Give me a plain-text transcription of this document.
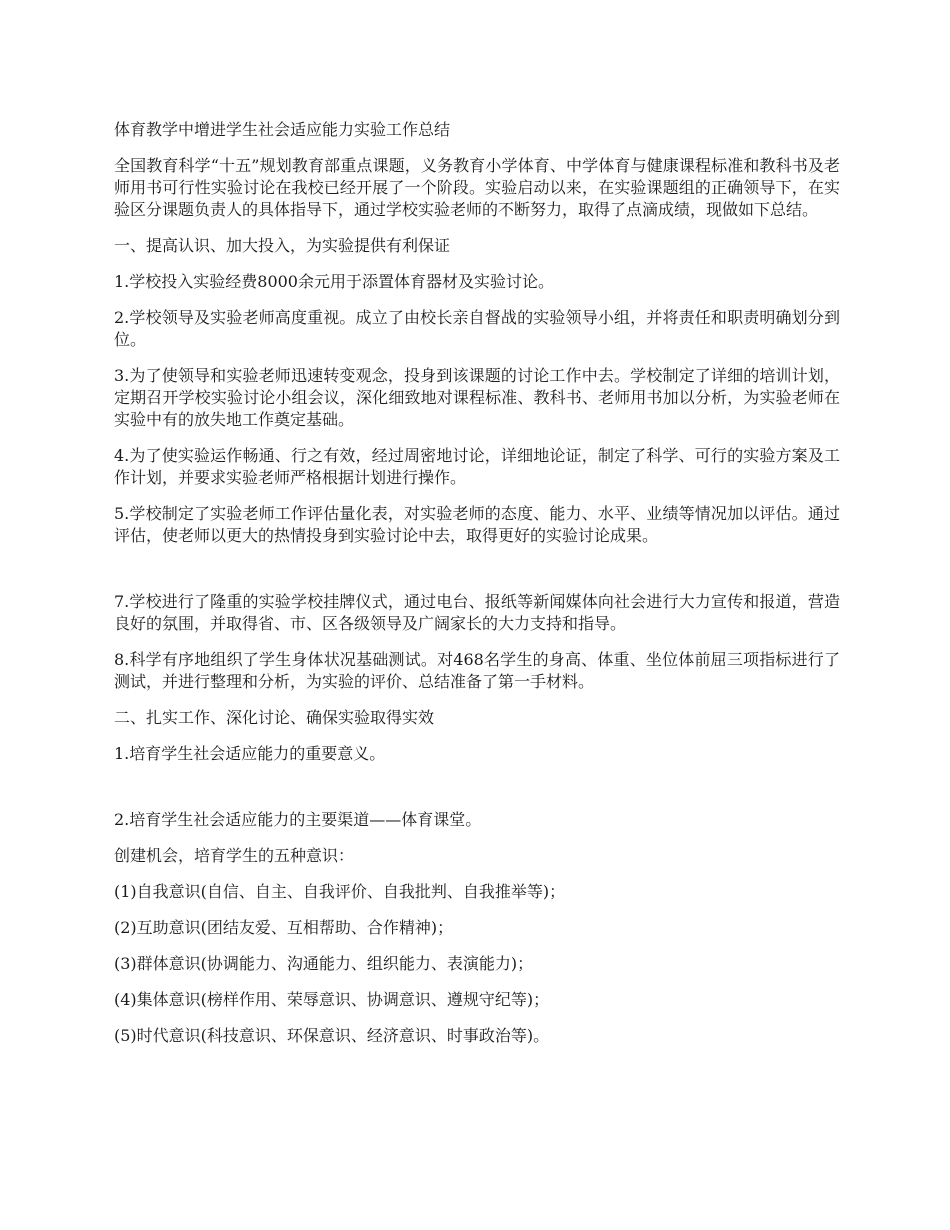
体育教学中增进学生社会适应能力实验工作总结

全国教育科学“十五”规划教育部重点课题，义务教育小学体育、中学体育与健康课程标准和教科书及老师用书可行性实验讨论在我校已经开展了一个阶段。实验启动以来，在实验课题组的正确领导下，在实验区分课题负责人的具体指导下，通过学校实验老师的不断努力，取得了点滴成绩，现做如下总结。

一、提高认识、加大投入，为实验提供有利保证

1.学校投入实验经费8000余元用于添置体育器材及实验讨论。

2.学校领导及实验老师高度重视。成立了由校长亲自督战的实验领导小组，并将责任和职责明确划分到位。

3.为了使领导和实验老师迅速转变观念，投身到该课题的讨论工作中去。学校制定了详细的培训计划，定期召开学校实验讨论小组会议，深化细致地对课程标准、教科书、老师用书加以分析，为实验老师在实验中有的放失地工作奠定基础。

4.为了使实验运作畅通、行之有效，经过周密地讨论，详细地论证，制定了科学、可行的实验方案及工作计划，并要求实验老师严格根据计划进行操作。

5.学校制定了实验老师工作评估量化表，对实验老师的态度、能力、水平、业绩等情况加以评估。通过评估，使老师以更大的热情投身到实验讨论中去，取得更好的实验讨论成果。

7.学校进行了隆重的实验学校挂牌仪式，通过电台、报纸等新闻媒体向社会进行大力宣传和报道，营造良好的氛围，并取得省、市、区各级领导及广阔家长的大力支持和指导。

8.科学有序地组织了学生身体状况基础测试。对468名学生的身高、体重、坐位体前屈三项指标进行了测试，并进行整理和分析，为实验的评价、总结准备了第一手材料。

二、扎实工作、深化讨论、确保实验取得实效

1.培育学生社会适应能力的重要意义。

2.培育学生社会适应能力的主要渠道——体育课堂。

创建机会，培育学生的五种意识：

(1)自我意识(自信、自主、自我评价、自我批判、自我推举等)；

(2)互助意识(团结友爱、互相帮助、合作精神)；

(3)群体意识(协调能力、沟通能力、组织能力、表演能力)；

(4)集体意识(榜样作用、荣辱意识、协调意识、遵规守纪等)；

(5)时代意识(科技意识、环保意识、经济意识、时事政治等)。
